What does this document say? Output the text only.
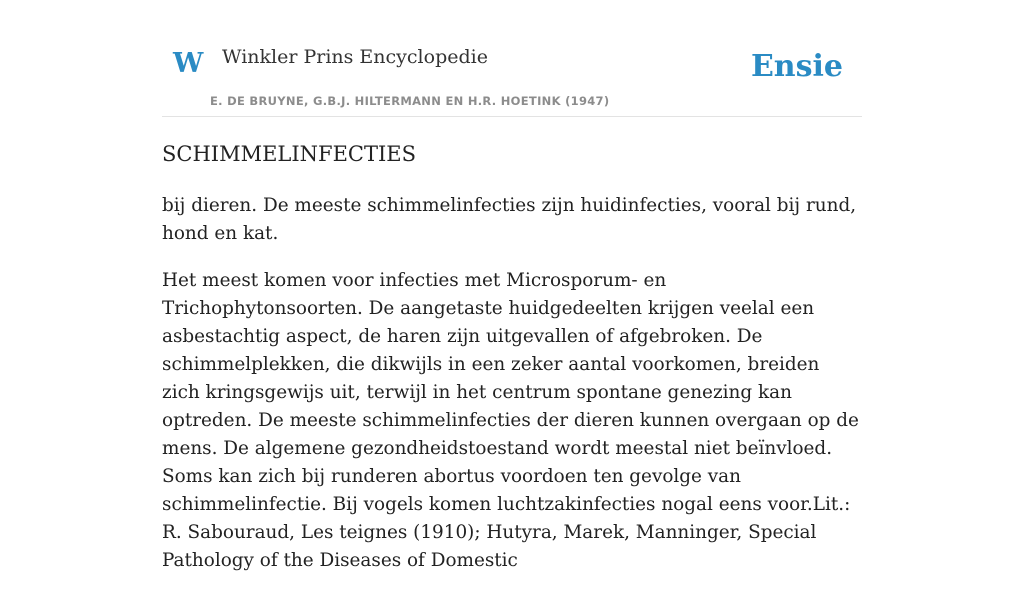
W Winkler Prins Encyclopedie
E. DE BRUYNE, G.B.J. HILTERMANN EN H.R. HOETINK (1947)
Ensie
SCHIMMELINFECTIES

bij dieren. De meeste schimmelinfecties zijn huidinfecties, vooral bij rund, hond en kat.

Het meest komen voor infecties met Microsporum- en Trichophytonsoorten. De aangetaste huidgedeelten krijgen veelal een asbestachtig aspect, de haren zijn uitgevallen of afgebroken. De schimmelplekken, die dikwijls in een zeker aantal voorkomen, breiden zich kringsgewijs uit, terwijl in het centrum spontane genezing kan optreden. De meeste schimmelinfecties der dieren kunnen overgaan op de mens. De algemene gezondheidstoestand wordt meestal niet beïnvloed. Soms kan zich bij runderen abortus voordoen ten gevolge van schimmelinfectie. Bij vogels komen luchtzakinfecties nogal eens voor.Lit.: R. Sabouraud, Les teignes (1910); Hutyra, Marek, Manninger, Special Pathology of the Diseases of Domestic
